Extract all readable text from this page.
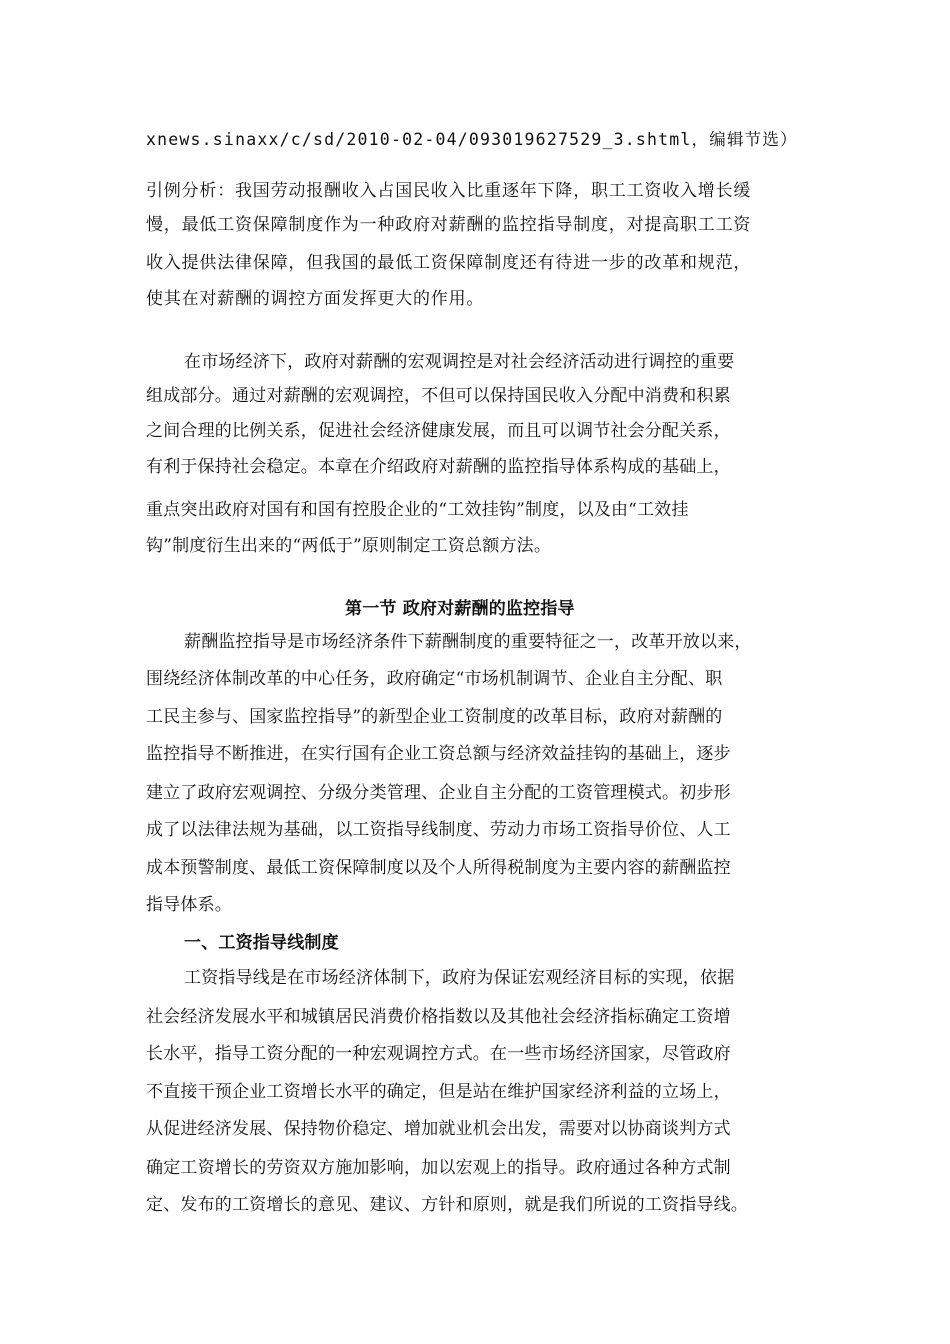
xnews.sinaxx/c/sd/2010-02-04/093019627529_3.shtml，编辑节选）
引例分析：我国劳动报酬收入占国民收入比重逐年下降，职工工资收入增长缓
慢，最低工资保障制度作为一种政府对薪酬的监控指导制度，对提高职工工资
收入提供法律保障，但我国的最低工资保障制度还有待进一步的改革和规范，
使其在对薪酬的调控方面发挥更大的作用。
在市场经济下，政府对薪酬的宏观调控是对社会经济活动进行调控的重要
组成部分。通过对薪酬的宏观调控，不但可以保持国民收入分配中消费和积累
之间合理的比例关系，促进社会经济健康发展，而且可以调节社会分配关系，
有利于保持社会稳定。本章在介绍政府对薪酬的监控指导体系构成的基础上，
重点突出政府对国有和国有控股企业的“工效挂钩”制度，以及由“工效挂
钩”制度衍生出来的“两低于”原则制定工资总额方法。
第一节 政府对薪酬的监控指导
薪酬监控指导是市场经济条件下薪酬制度的重要特征之一，改革开放以来，
围绕经济体制改革的中心任务，政府确定“市场机制调节、企业自主分配、职
工民主参与、国家监控指导”的新型企业工资制度的改革目标，政府对薪酬的
监控指导不断推进，在实行国有企业工资总额与经济效益挂钩的基础上，逐步
建立了政府宏观调控、分级分类管理、企业自主分配的工资管理模式。初步形
成了以法律法规为基础，以工资指导线制度、劳动力市场工资指导价位、人工
成本预警制度、最低工资保障制度以及个人所得税制度为主要内容的薪酬监控
指导体系。
一、工资指导线制度
工资指导线是在市场经济体制下，政府为保证宏观经济目标的实现，依据
社会经济发展水平和城镇居民消费价格指数以及其他社会经济指标确定工资增
长水平，指导工资分配的一种宏观调控方式。在一些市场经济国家，尽管政府
不直接干预企业工资增长水平的确定，但是站在维护国家经济利益的立场上，
从促进经济发展、保持物价稳定、增加就业机会出发，需要对以协商谈判方式
确定工资增长的劳资双方施加影响，加以宏观上的指导。政府通过各种方式制
定、发布的工资增长的意见、建议、方针和原则，就是我们所说的工资指导线。
